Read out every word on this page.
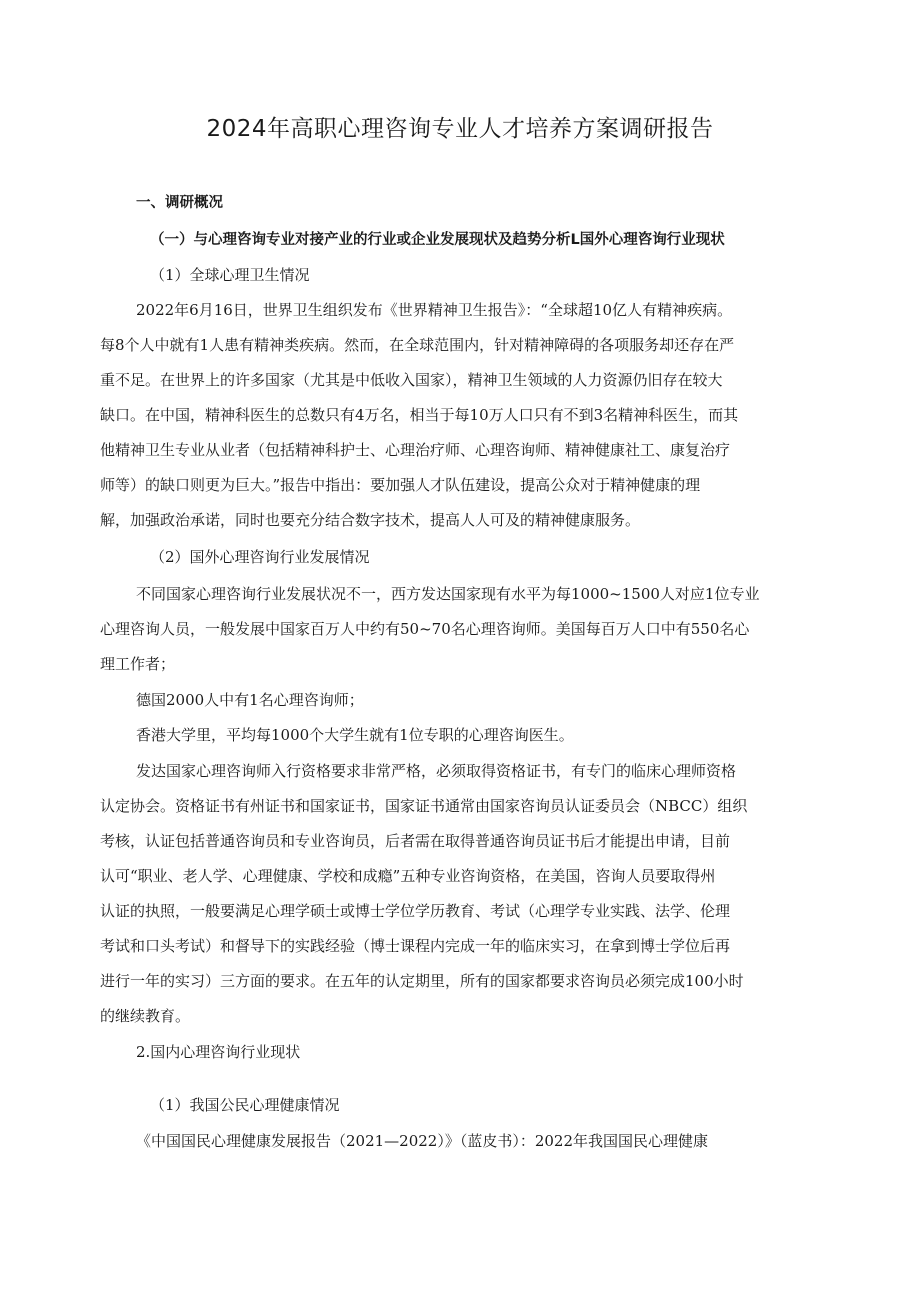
2024年高职心理咨询专业人才培养方案调研报告
一、调研概况
（一）与心理咨询专业对接产业的行业或企业发展现状及趋势分析L国外心理咨询行业现状
（1）全球心理卫生情况
2022年6月16日，世界卫生组织发布《世界精神卫生报告》：“全球超10亿人有精神疾病。
每8个人中就有1人患有精神类疾病。然而，在全球范围内，针对精神障碍的各项服务却还存在严
重不足。在世界上的许多国家（尤其是中低收入国家），精神卫生领域的人力资源仍旧存在较大
缺口。在中国，精神科医生的总数只有4万名，相当于每10万人口只有不到3名精神科医生，而其
他精神卫生专业从业者（包括精神科护士、心理治疗师、心理咨询师、精神健康社工、康复治疗
师等）的缺口则更为巨大。”报告中指出：要加强人才队伍建设，提高公众对于精神健康的理
解，加强政治承诺，同时也要充分结合数字技术，提高人人可及的精神健康服务。
（2）国外心理咨询行业发展情况
不同国家心理咨询行业发展状况不一，西方发达国家现有水平为每1000~1500人对应1位专业
心理咨询人员，一般发展中国家百万人中约有50~70名心理咨询师。美国每百万人口中有550名心
理工作者；
德国2000人中有1名心理咨询师；
香港大学里，平均每1000个大学生就有1位专职的心理咨询医生。
发达国家心理咨询师入行资格要求非常严格，必须取得资格证书，有专门的临床心理师资格
认定协会。资格证书有州证书和国家证书，国家证书通常由国家咨询员认证委员会（NBCC）组织
考核，认证包括普通咨询员和专业咨询员，后者需在取得普通咨询员证书后才能提出申请，目前
认可“职业、老人学、心理健康、学校和成瘾”五种专业咨询资格，在美国，咨询人员要取得州
认证的执照，一般要满足心理学硕士或博士学位学历教育、考试（心理学专业实践、法学、伦理
考试和口头考试）和督导下的实践经验（博士课程内完成一年的临床实习，在拿到博士学位后再
进行一年的实习）三方面的要求。在五年的认定期里，所有的国家都要求咨询员必须完成100小时
的继续教育。
2.国内心理咨询行业现状
（1）我国公民心理健康情况
《中国国民心理健康发展报告（2021—2022）》（蓝皮书）：2022年我国国民心理健康
